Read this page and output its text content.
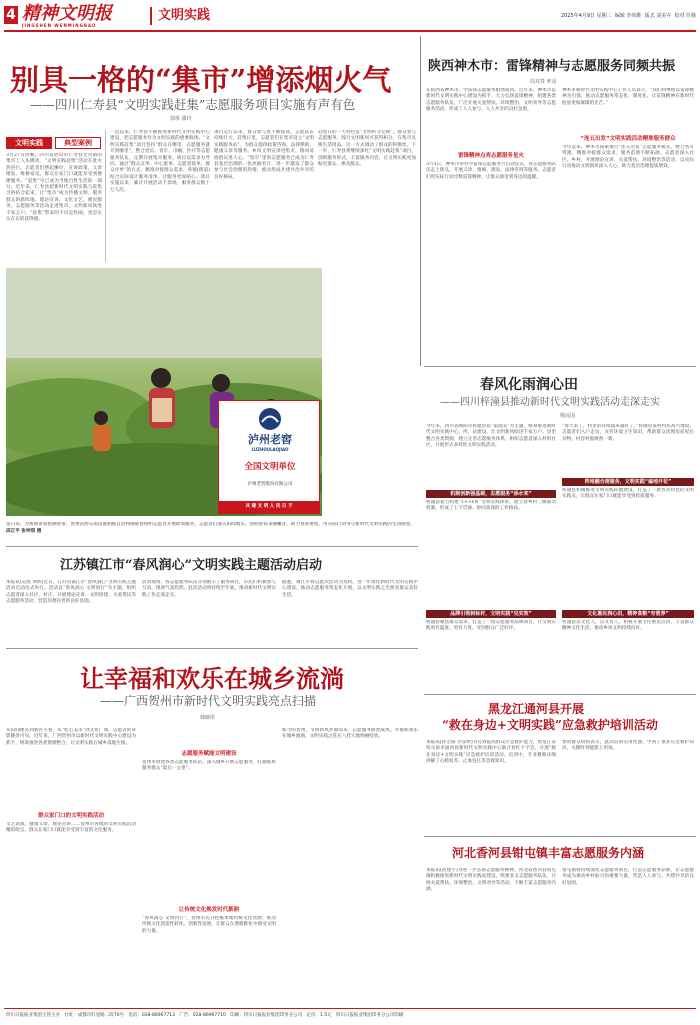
4 精神文明报
JINGSHEN WENMINGBAO
文明实践	2025年4月9日 星期三 编辑 李尚维 版式 刘美卉 校对 任杨
别具一格的“集市”增添烟火气
——四川仁寿县“文明实践赶集”志愿服务项目实施有声有色
郭侨 蒲玲
文明实践	典型案例
3月27日傍晚，四川省眉山市仁寿县文宫镇的集市上人头攒动，“文明实践赶集”活动在此火热进行。志愿者们摆起摊位，宣讲政策、义诊理发、维修家电，群众在家门口就能享受到便捷服务。“赶集”早已成为当地百姓生活的一部分。近年来，仁寿县把新时代文明实践与赶集习俗结合起来，让“集市”成为传播文明、服务群众的新阵地。理论宣讲、文化文艺、便民服务、志愿服务等活动走进集市，文明新风吹进千家万户。“赶集”带来的不仅是热闹，更是实实在在的获得感。
一直以来，仁寿县不断推进新时代文明实践中心建设，把志愿服务作为文明实践的重要载体。“文明实践赶集”项目坚持“群众在哪里，志愿服务就开到哪里”，整合党员、青年、巾帼、医疗等志愿服务队伍，定期开展集市服务。项目以需求为导向，通过“群众点单、中心派单、志愿者接单、群众评单”的方式，精准对接群众需求。各镇(街道)结合实际设计服务清单，让服务更加贴心。项目实施以来，累计开展活动千余场，服务群众数十万人次。
项目运行以来，群众参与度不断提高，志愿队伍持续壮大。赶集日里，志愿者们在集市设立“文明实践服务站”，为群众提供政策咨询、法律援助、健康义诊等服务。乡风文明宣讲进集市，移风易俗倡议进人心。“集市”里的志愿服务已成为仁寿县基层治理的一张亮丽名片，进一步激发了群众参与社会治理的热情，推动形成共建共治共享的良好格局。
赶集日的一大特色是“文明积分兑换”。群众参与志愿服务、践行文明新风可获得积分，在集市兑换生活用品。这一方式调动了群众的积极性。下一步，仁寿县将继续深化“文明实践赶集”项目，创新服务形式，丰富服务内容，让文明实践更加贴近群众、惠及群众。
陕西神木市：雷锋精神与志愿服务同频共振
高双贵 呼彦
在陕西省神木市，学雷锋志愿服务蔚然成风。近年来，神木市以新时代文明实践中心建设为抓手，大力弘扬雷锋精神，组建各类志愿服务队伍，广泛开展关爱帮扶、环境整治、文明劝导等志愿服务活动，形成了人人参与、人人共享的良好氛围。
雷锋精神点亮志愿服务星火
3月5日，神木市举办学雷锋志愿服务月启动仪式，各志愿服务队伍走上街头，开展义诊、维修、理发、法律咨询等服务。志愿者们用实际行动诠释雷锋精神，让群众感受到身边的温暖。
神木市新时代文明实践中心工作人员表示，“我们将继续以雷锋精神为引领，推动志愿服务常态化、制度化，让雷锋精神在新时代绽放更加璀璨的光芒。”
“连五出发”文明实践活动精准服务群众
今年以来，神木市探索推行“连五出发”志愿服务模式，整合各方资源，精准对接群众需求，服务范围不断拓展。志愿者深入社区、乡村，开展理论宣讲、关爱帮扶、环境整治等活动，以实际行动推动文明新风深入人心，助力基层治理提质增效。
泸州老窖
LUZHOULAOJIAO
全国文明单位
泸州老窖股份有限公司
共 建 文 明 人 民 日 子
连日来，为帮助茶农抢摘春茶，贵州省黔东南苗族侗族自治州锦屏县组织志愿者开展助农服务，志愿者们深入田间地头，帮助茶农采摘嫩芽，助力春茶增收，用实际行动书写新时代文明实践的生动画卷。 邱正平 张坤琪 摄
春风化雨润心田
——四川梓潼县推动新时代文明实践活动走深走实
杨远国
今年来，四川省绵阳市梓潼县以“家园美”为主题，统筹推进新时代文明实践中心、所、站建设，让文明新风吹进千家万户。县里整合各类资源，建立完善志愿服务体系，组织志愿者深入村组社区，开展形式多样的文明实践活动。
机制创新强基础，志愿服务“添水来”
梓潼县着力构建“1+3+N”文明实践体系，建立县乡村三级联动机制，形成了上下贯通、协同高效的工作格局。
品牌引领树标杆，文明实践“见实效”
梓潼县聚焦群众需求，打造了一批志愿服务品牌项目，让文明实践更有温度、更有力度，受到群众广泛好评。
“春天来了，村里的环境越来越好了。”梓潼县某村村民高兴地说。志愿者们入户走访，宣传环境卫生知识，帮助群众清理房前屋后杂物，村容村貌焕然一新。
阵地融合提服务，文明实践“遍地开花”
梓潼县积极推进文明实践阵地建设，打造了一批各具特色的文明实践点，让群众在家门口就能享受到优质服务。
文化惠民润心田，精神食粮“有营养”
梓潼县以文化人，以文育人，积极开展文化惠民活动，丰富群众精神文化生活，推动乡风文明持续向好。
江苏镇江市“春风润心”文明实践主题活动启动
本报讯(吴凯 刘明)近日，江苏省镇江市“春风润心”文明实践主题活动启动仪式举行。活动以“春风润心 文明同行”为主题，组织志愿者深入社区、村庄，开展理论宣讲、文明创建、关爱帮扶等志愿服务活动，营造崇德向善的良好氛围。
活动现场，各志愿服务队伍分别展示了服务项目，市民们积极参与互动，现场气氛热烈。此次活动将持续至年底，推动新时代文明实践工作走深走实。
据悉，镇江市将以此次活动为契机，进一步深化新时代文明实践中心建设，推动志愿服务常态化开展，以文明实践之光照亮群众美好生活。
让幸福和欢乐在城乡流淌
——广西贺州市新时代文明实践亮点扫描
韩映彤
从田间地头到新区小巷，从“桂心美市”到文化广场，志愿者的身影随处可见。近年来，广西贺州市以新时代文明实践中心建设为抓手，统筹推进各类资源整合，让文明实践在城乡落地生根。
群众家门口的文明实践活动
文艺表演、健康义诊、理论宣讲……贺州市各地的文明实践活动精彩纷呈，群众在家门口就能享受到丰富的文化服务。
志愿服务赋能文明建设
贺州市组建各类志愿服务队伍，深入城乡开展志愿服务，打通联系服务群众“最后一公里”。
让传统文化焕发时代新韵
“春风润心 文明同行”，贺州市充分挖掘本地传统文化资源，推动传统文化创造性转化、创新性发展，让群众在潜移默化中感受文明的力量。
如今的贺州，文明新风扑面而来，志愿服务蔚然成风。幸福和欢乐在城乡流淌，文明实践之花在八桂大地绚丽绽放。
黑龙江通河县开展
“救在身边+文明实践”应急救护培训活动
本报讯(孙宏阳 罗彦婷)为有效提高群众应急救护能力，黑龙江省哈尔滨市通河县新时代文明实践中心联合县红十字会，开展“救在身边+文明实践”应急救护培训活动。培训中，专业教师详细讲解了心肺复苏、止血包扎等急救知识。
参训群众纷纷表示，此次培训实用性强，学到了很多应急救护知识，关键时刻能派上用场。
河北香河县钳屯镇丰富志愿服务内涵
本报讯(赵建宇)为进一步弘扬志愿服务精神，河北省香河县钳屯镇积极推进新时代文明实践站建设，组建多支志愿服务队伍，开展关爱帮扶、环境整治、文明劝导等活动，不断丰富志愿服务内涵。
钳屯镇将持续深化志愿服务项目，打造志愿服务品牌，让志愿服务成为推动乡村振兴的重要力量，营造人人参与、共建共享的良好氛围。
四川日报报业集团主管主办 社址：成都市红星路二段70号 电话：028-86967713 广告：028-86967710 印刷：四川日报报业集团印务分公司 定价：1.5元 四川日报报业集团印务分公司印刷
